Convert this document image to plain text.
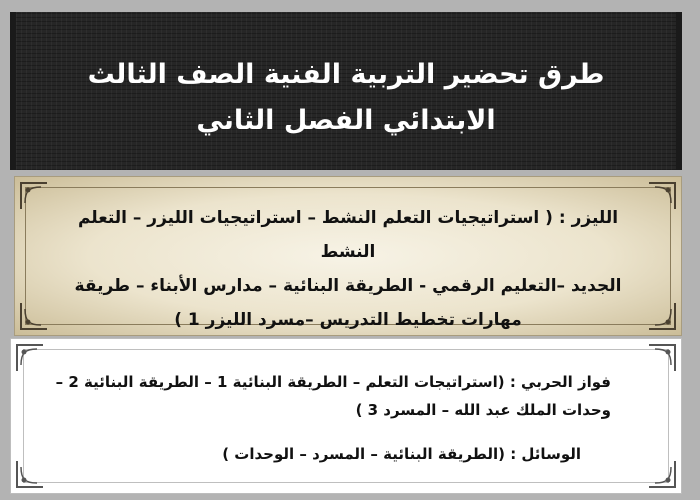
طرق تحضير التربية الفنية الصف الثالث
الابتدائي الفصل الثاني
الليزر : ( استراتيجيات التعلم النشط – استراتيجيات الليزر – التعلم النشط
الجديد –التعليم الرقمي - الطريقة البنائية – مدارس الأبناء – طريقة
مهارات تخطيط التدريس –مسرد الليزر 1 )
فواز الحربي : (استراتيجات التعلم – الطريقة البنائية 1 – الطريقة البنائية 2 –
وحدات الملك عبد الله – المسرد 3 )
الوسائل : (الطريقة البنائية – المسرد – الوحدات )
